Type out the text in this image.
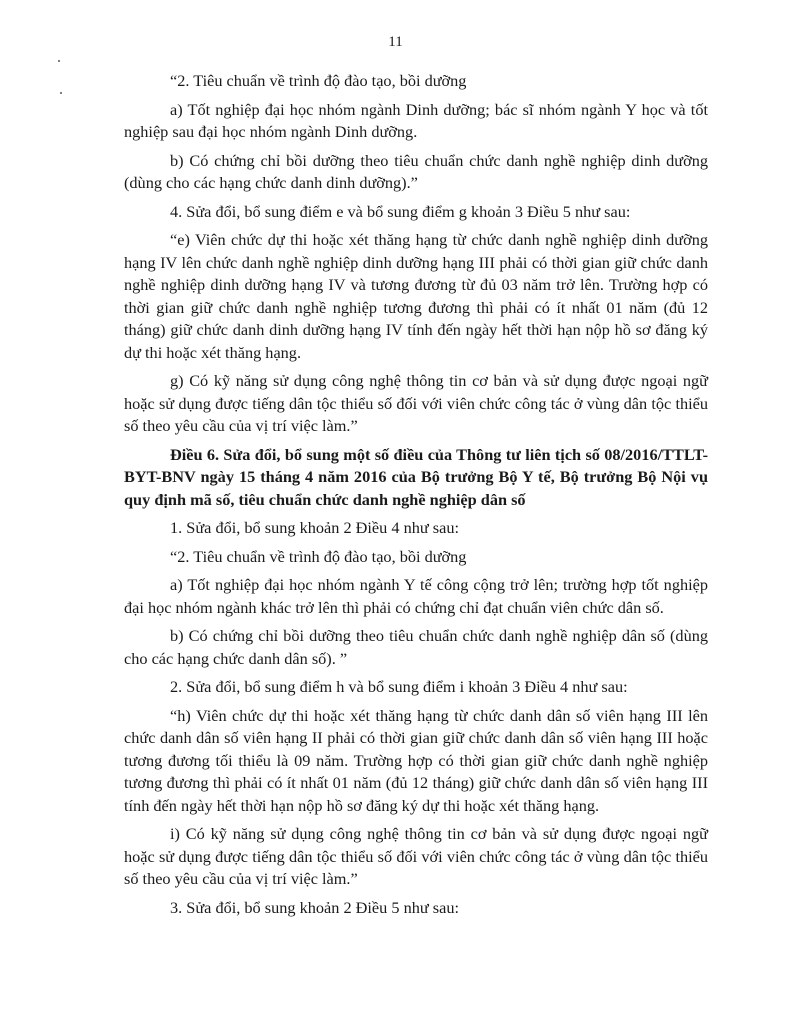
11

“2. Tiêu chuẩn về trình độ đào tạo, bồi dưỡng

a) Tốt nghiệp đại học nhóm ngành Dinh dưỡng; bác sĩ nhóm ngành Y học và tốt nghiệp sau đại học nhóm ngành Dinh dưỡng.

b) Có chứng chỉ bồi dưỡng theo tiêu chuẩn chức danh nghề nghiệp dinh dưỡng (dùng cho các hạng chức danh dinh dưỡng).”

4. Sửa đổi, bổ sung điểm e và bổ sung điểm g khoản 3 Điều 5 như sau:

“e) Viên chức dự thi hoặc xét thăng hạng từ chức danh nghề nghiệp dinh dưỡng hạng IV lên chức danh nghề nghiệp dinh dưỡng hạng III phải có thời gian giữ chức danh nghề nghiệp dinh dưỡng hạng IV và tương đương từ đủ 03 năm trở lên. Trường hợp có thời gian giữ chức danh nghề nghiệp tương đương thì phải có ít nhất 01 năm (đủ 12 tháng) giữ chức danh dinh dưỡng hạng IV tính đến ngày hết thời hạn nộp hồ sơ đăng ký dự thi hoặc xét thăng hạng.

g) Có kỹ năng sử dụng công nghệ thông tin cơ bản và sử dụng được ngoại ngữ hoặc sử dụng được tiếng dân tộc thiểu số đối với viên chức công tác ở vùng dân tộc thiểu số theo yêu cầu của vị trí việc làm.”

Điều 6. Sửa đổi, bổ sung một số điều của Thông tư liên tịch số 08/2016/TTLT-BYT-BNV ngày 15 tháng 4 năm 2016 của Bộ trưởng Bộ Y tế, Bộ trưởng Bộ Nội vụ quy định mã số, tiêu chuẩn chức danh nghề nghiệp dân số

1. Sửa đổi, bổ sung khoản 2 Điều 4 như sau:

“2. Tiêu chuẩn về trình độ đào tạo, bồi dưỡng

a) Tốt nghiệp đại học nhóm ngành Y tế công cộng trở lên; trường hợp tốt nghiệp đại học nhóm ngành khác trở lên thì phải có chứng chỉ đạt chuẩn viên chức dân số.

b) Có chứng chỉ bồi dưỡng theo tiêu chuẩn chức danh nghề nghiệp dân số (dùng cho các hạng chức danh dân số). ”

2. Sửa đổi, bổ sung điểm h và bổ sung điểm i khoản 3 Điều 4 như sau:

“h) Viên chức dự thi hoặc xét thăng hạng từ chức danh dân số viên hạng III lên chức danh dân số viên hạng II phải có thời gian giữ chức danh dân số viên hạng III hoặc tương đương tối thiểu là 09 năm. Trường hợp có thời gian giữ chức danh nghề nghiệp tương đương thì phải có ít nhất 01 năm (đủ 12 tháng) giữ chức danh dân số viên hạng III tính đến ngày hết thời hạn nộp hồ sơ đăng ký dự thi hoặc xét thăng hạng.

i) Có kỹ năng sử dụng công nghệ thông tin cơ bản và sử dụng được ngoại ngữ hoặc sử dụng được tiếng dân tộc thiểu số đối với viên chức công tác ở vùng dân tộc thiểu số theo yêu cầu của vị trí việc làm.”

3. Sửa đổi, bổ sung khoản 2 Điều 5 như sau:
